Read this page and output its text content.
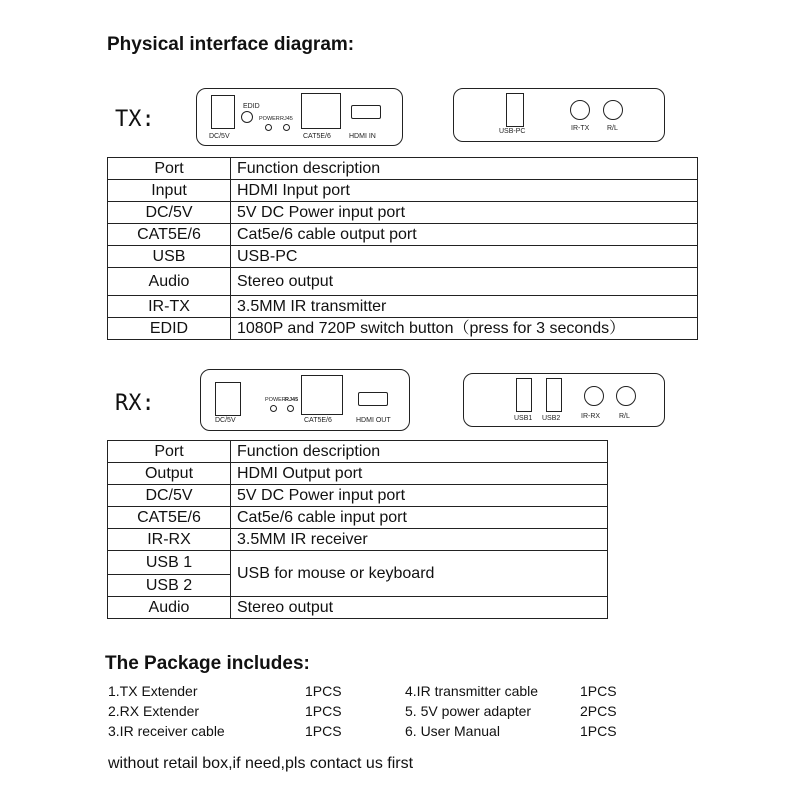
Physical interface diagram:
TX:
DC/5V
EDID
POWER RJ45
CAT5E/6	HDMI IN
USB-PC	IR-TX	R/L
Port	Function description
Input	HDMI Input port
DC/5V	5V DC Power input port
CAT5E/6	Cat5e/6 cable output port
USB	USB-PC
Audio	Stereo output
IR-TX	3.5MM IR transmitter
EDID	1080P and 720P switch button（press for 3 seconds）
RX:
DC/5V
POWER RJ45
CAT5E/6	HDMI OUT	USB1 USB2	IR-RX	R/L
Port	Function description
Output	HDMI Output port
DC/5V	5V DC Power input port
CAT5E/6	Cat5e/6 cable input port
IR-RX	3.5MM IR receiver
USB 1	USB for mouse or keyboard
USB 2	
Audio	Stereo output
The Package includes:
1.TX Extender	1PCS
2.RX Extender	1PCS
3.IR receiver cable	1PCS
4.IR transmitter cable	1PCS
5. 5V power adapter	2PCS
6. User Manual	1PCS
without retail box,if need,pls contact us first
